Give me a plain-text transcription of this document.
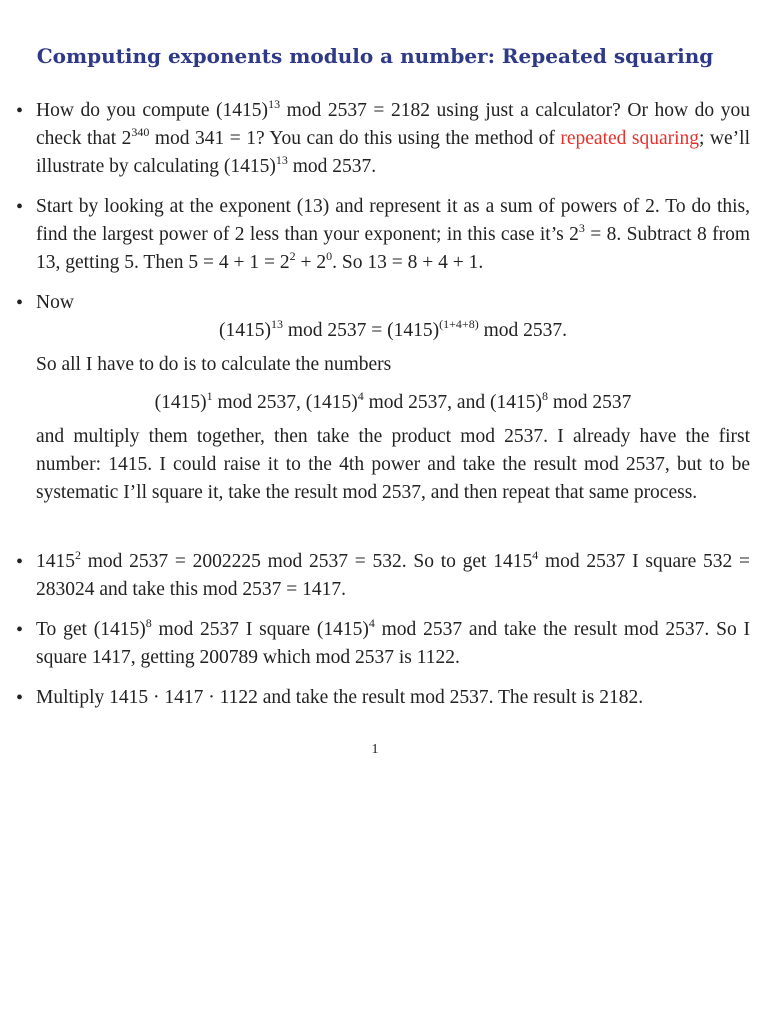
Computing exponents modulo a number: Repeated squaring

• How do you compute $(1415)^{13}$ mod 2537 = 2182 using just a calculator? Or how do you check that $2^{340}$ mod 341 = 1? You can do this using the method of repeated squaring; we’ll illustrate by calculating $(1415)^{13}$ mod 2537.

• Start by looking at the exponent (13) and represent it as a sum of powers of 2. To do this, find the largest power of 2 less than your exponent; in this case it’s $2^3 = 8$. Subtract 8 from 13, getting 5. Then $5 = 4 + 1 = 2^2 + 2^0$. So 13 = 8 + 4 + 1.

• Now
$(1415)^{13}$ mod $2537 = (1415)^{(1+4+8)}$ mod 2537.
So all I have to do is to calculate the numbers
$(1415)^1$ mod 2537, $(1415)^4$ mod 2537, and $(1415)^8$ mod 2537
and multiply them together, then take the product mod 2537. I already have the first number: 1415. I could raise it to the 4th power and take the result mod 2537, but to be systematic I’ll square it, take the result mod 2537, and then repeat that same process.

• 1415$^2$ mod 2537 = 2002225 mod 2537 = 532. So to get 1415$^4$ mod 2537 I square 532 = 283024 and take this mod 2537 = 1417.

• To get $(1415)^8$ mod 2537 I square $(1415)^4$ mod 2537 and take the result mod 2537. So I square 1417, getting 200789 which mod 2537 is 1122.

• Multiply 1415 · 1417 · 1122 and take the result mod 2537. The result is 2182.

1
